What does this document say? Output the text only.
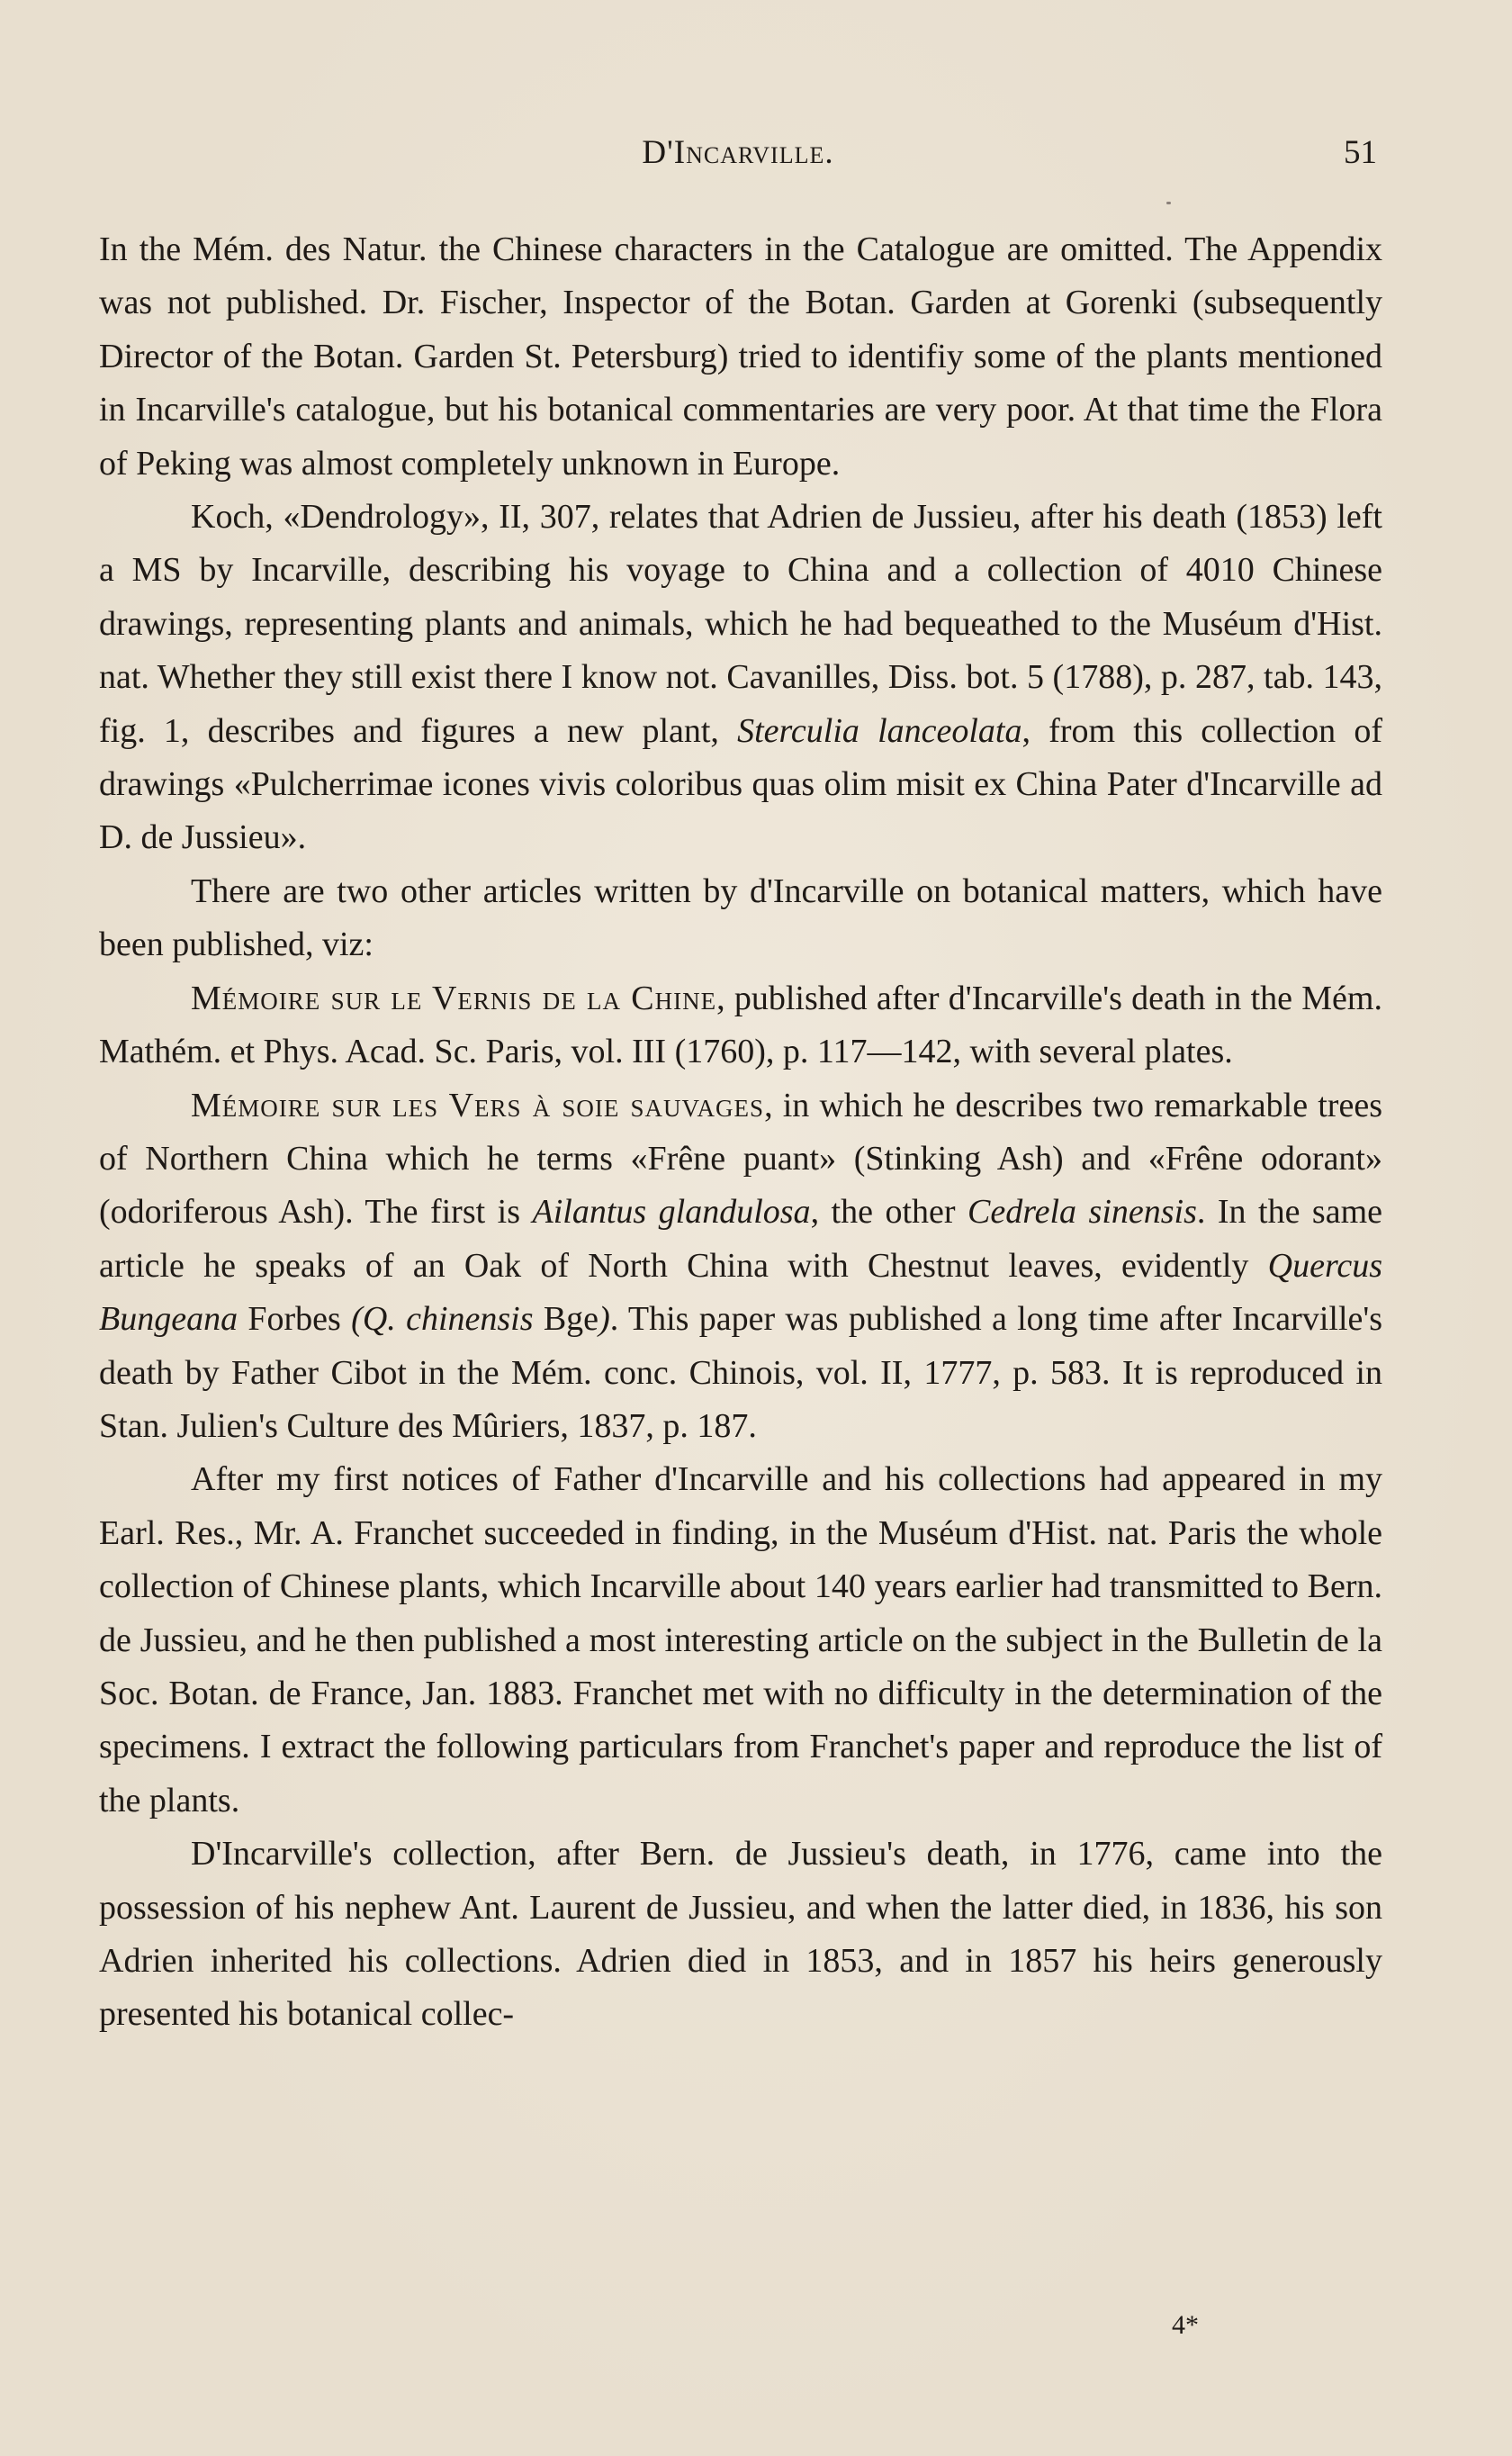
D'Incarville.	51

In the Mém. des Natur. the Chinese characters in the Catalogue are omitted. The Appendix was not published. Dr. Fischer, Inspector of the Botan. Garden at Gorenki (subsequently Director of the Botan. Garden St. Petersburg) tried to identifiy some of the plants mentioned in Incarville's catalogue, but his botanical commentaries are very poor. At that time the Flora of Peking was almost completely unknown in Europe.

Koch, «Dendrology», II, 307, relates that Adrien de Jussieu, after his death (1853) left a MS by Incarville, describing his voyage to China and a collection of 4010 Chinese drawings, representing plants and animals, which he had bequeathed to the Muséum d'Hist. nat. Whether they still exist there I know not. Cavanilles, Diss. bot. 5 (1788), p. 287, tab. 143, fig. 1, describes and figures a new plant, Sterculia lanceolata, from this collection of drawings «Pulcherrimae icones vivis coloribus quas olim misit ex China Pater d'Incarville ad D. de Jussieu».

There are two other articles written by d'Incarville on botanical matters, which have been published, viz:

Mémoire sur le Vernis de la Chine, published after d'Incarville's death in the Mém. Mathém. et Phys. Acad. Sc. Paris, vol. III (1760), p. 117—142, with several plates.

Mémoire sur les Vers à soie sauvages, in which he describes two remarkable trees of Northern China which he terms «Frêne puant» (Stinking Ash) and «Frêne odorant» (odoriferous Ash). The first is Ailantus glandulosa, the other Cedrela sinensis. In the same article he speaks of an Oak of North China with Chestnut leaves, evidently Quercus Bungeana Forbes (Q. chinensis Bge). This paper was published a long time after Incarville's death by Father Cibot in the Mém. conc. Chinois, vol. II, 1777, p. 583. It is reproduced in Stan. Julien's Culture des Mûriers, 1837, p. 187.

After my first notices of Father d'Incarville and his collections had appeared in my Earl. Res., Mr. A. Franchet succeeded in finding, in the Muséum d'Hist. nat. Paris the whole collection of Chinese plants, which Incarville about 140 years earlier had transmitted to Bern. de Jussieu, and he then published a most interesting article on the subject in the Bulletin de la Soc. Botan. de France, Jan. 1883. Franchet met with no difficulty in the determination of the specimens. I extract the following particulars from Franchet's paper and reproduce the list of the plants.

D'Incarville's collection, after Bern. de Jussieu's death, in 1776, came into the possession of his nephew Ant. Laurent de Jussieu, and when the latter died, in 1836, his son Adrien inherited his collections. Adrien died in 1853, and in 1857 his heirs generously presented his botanical collec-

4*
